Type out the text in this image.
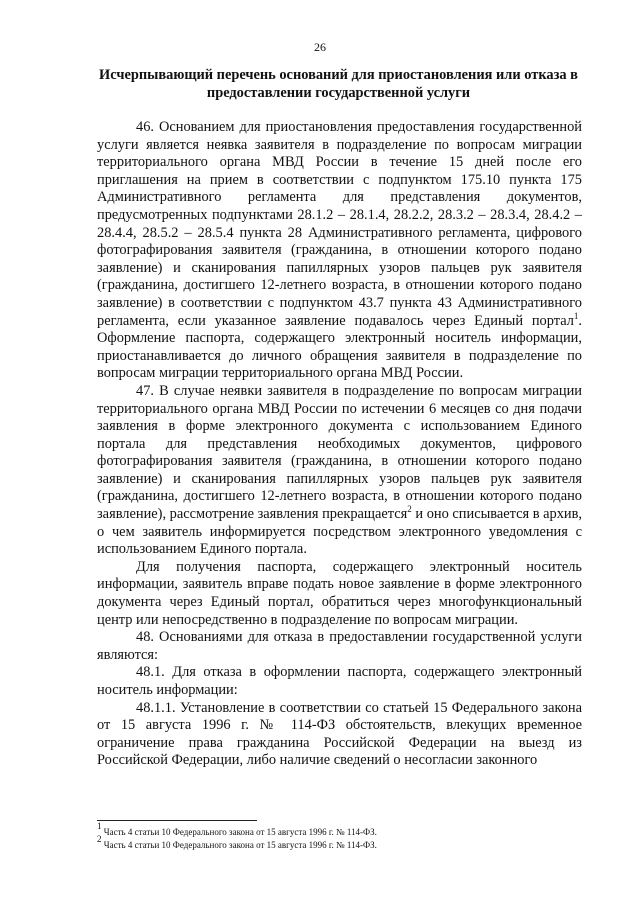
26
Исчерпывающий перечень оснований для приостановления или отказа в предоставлении государственной услуги

46. Основанием для приостановления предоставления государственной услуги является неявка заявителя в подразделение по вопросам миграции территориального органа МВД России в течение 15 дней после его приглашения на прием в соответствии с подпунктом 175.10 пункта 175 Административного регламента для представления документов, предусмотренных подпунктами 28.1.2 – 28.1.4, 28.2.2, 28.3.2 – 28.3.4, 28.4.2 – 28.4.4, 28.5.2 – 28.5.4 пункта 28 Административного регламента, цифрового фотографирования заявителя (гражданина, в отношении которого подано заявление) и сканирования папиллярных узоров пальцев рук заявителя (гражданина, достигшего 12-летнего возраста, в отношении которого подано заявление) в соответствии с подпунктом 43.7 пункта 43 Административного регламента, если указанное заявление подавалось через Единый портал$^1$. Оформление паспорта, содержащего электронный носитель информации, приостанавливается до личного обращения заявителя в подразделение по вопросам миграции территориального органа МВД России.

47. В случае неявки заявителя в подразделение по вопросам миграции территориального органа МВД России по истечении 6 месяцев со дня подачи заявления в форме электронного документа с использованием Единого портала для представления необходимых документов, цифрового фотографирования заявителя (гражданина, в отношении которого подано заявление) и сканирования папиллярных узоров пальцев рук заявителя (гражданина, достигшего 12-летнего возраста, в отношении которого подано заявление), рассмотрение заявления прекращается$^2$ и оно списывается в архив, о чем заявитель информируется посредством электронного уведомления с использованием Единого портала.

Для получения паспорта, содержащего электронный носитель информации, заявитель вправе подать новое заявление в форме электронного документа через Единый портал, обратиться через многофункциональный центр или непосредственно в подразделение по вопросам миграции.

48. Основаниями для отказа в предоставлении государственной услуги являются:

48.1. Для отказа в оформлении паспорта, содержащего электронный носитель информации:

48.1.1. Установление в соответствии со статьей 15 Федерального закона от 15 августа 1996 г. № 114-ФЗ обстоятельств, влекущих временное ограничение права гражданина Российской Федерации на выезд из Российской Федерации, либо наличие сведений о несогласии законного

$^1$ Часть 4 статьи 10 Федерального закона от 15 августа 1996 г. № 114-ФЗ.
$^2$ Часть 4 статьи 10 Федерального закона от 15 августа 1996 г. № 114-ФЗ.
